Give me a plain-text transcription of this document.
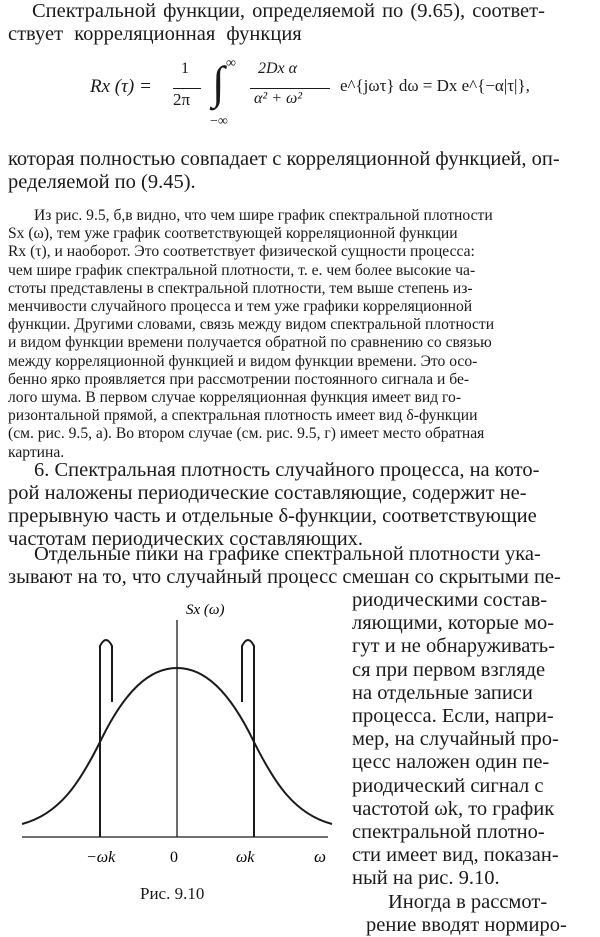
Спектральной функции, определяемой по (9.65), соответ-
ствует корреляционная функция
Rx (τ) =
1
2π ∫ ∞
−∞
2Dx α
α² + ω²
e^{jωτ} dω = Dx e^{−α|τ|},
которая полностью совпадает с корреляционной функцией, оп-
ределяемой по (9.45).
Из рис. 9.5, б,в видно, что чем шире график спектральной плотности
Sx (ω), тем уже график соответствующей корреляционной функции
Rx (τ), и наоборот. Это соответствует физической сущности процесса:
чем шире график спектральной плотности, т. е. чем более высокие ча-
стоты представлены в спектральной плотности, тем выше степень из-
менчивости случайного процесса и тем уже графики корреляционной
функции. Другими словами, связь между видом спектральной плотности
и видом функции времени получается обратной по сравнению со связью
между корреляционной функцией и видом функции времени. Это осо-
бенно ярко проявляется при рассмотрении постоянного сигнала и бе-
лого шума. В первом случае корреляционная функция имеет вид го-
ризонтальной прямой, а спектральная плотность имеет вид δ-функции
(см. рис. 9.5, а). Во втором случае (см. рис. 9.5, г) имеет место обратная
картина.
6. Спектральная плотность случайного процесса, на кото-
рой наложены периодические составляющие, содержит не-
прерывную часть и отдельные δ-функции, соответствующие
частотам периодических составляющих.
Отдельные пики на графике спектральной плотности ука-
зывают на то, что случайный процесс смешан со скрытыми пе-
риодическими состав-
ляющими, которые мо-
гут и не обнаруживать-
ся при первом взгляде
на отдельные записи
процесса. Если, напри-
мер, на случайный про-
цесс наложен один пе-
риодический сигнал с
частотой ωk, то график
спектральной плотно-
сти имеет вид, показан-
ный на рис. 9.10.
Иногда в рассмот-
рение вводят нормиро-
Sx (ω)
−ωk	0	ωk	ω
Рис. 9.10
